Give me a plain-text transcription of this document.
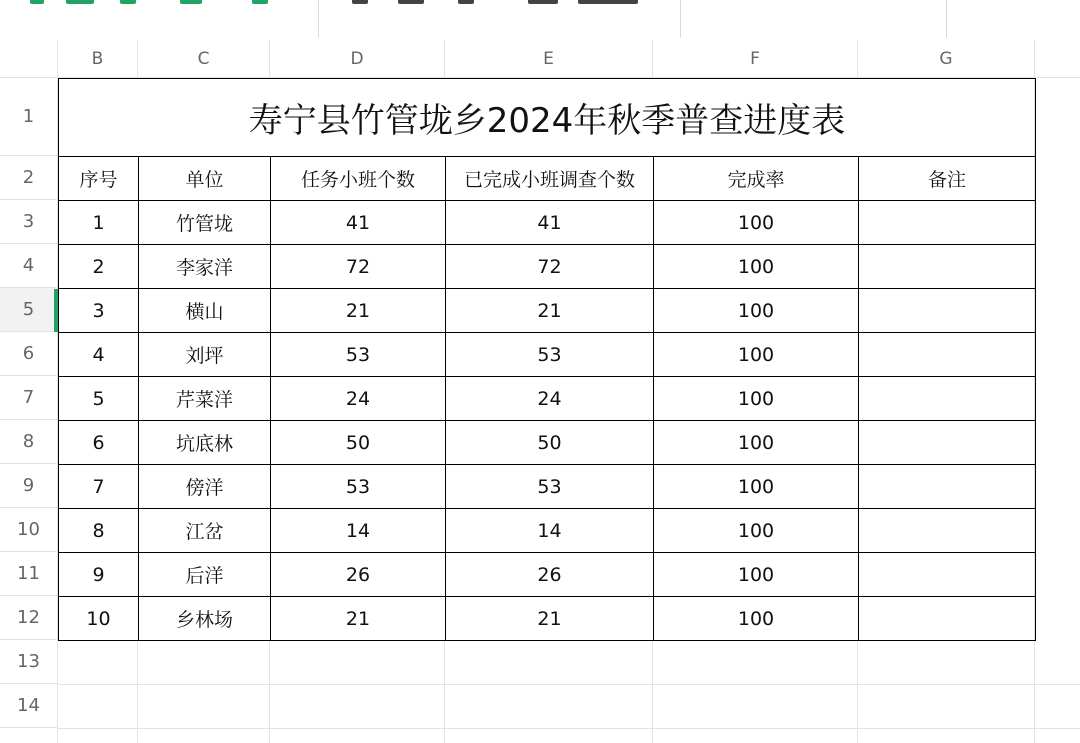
B	C	D	E	F	G
1
2
3
4
5
6
7
8
9
10
11
12
13
14
寿宁县竹管垅乡2024年秋季普查进度表					
序号	单位	任务小班个数	已完成小班调查个数	完成率	备注
1	竹管垅	41	41	100	
2	李家洋	72	72	100	
3	横山	21	21	100	
4	刘坪	53	53	100	
5	芹菜洋	24	24	100	
6	坑底林	50	50	100	
7	傍洋	53	53	100	
8	江岔	14	14	100	
9	后洋	26	26	100	
10	乡林场	21	21	100	
